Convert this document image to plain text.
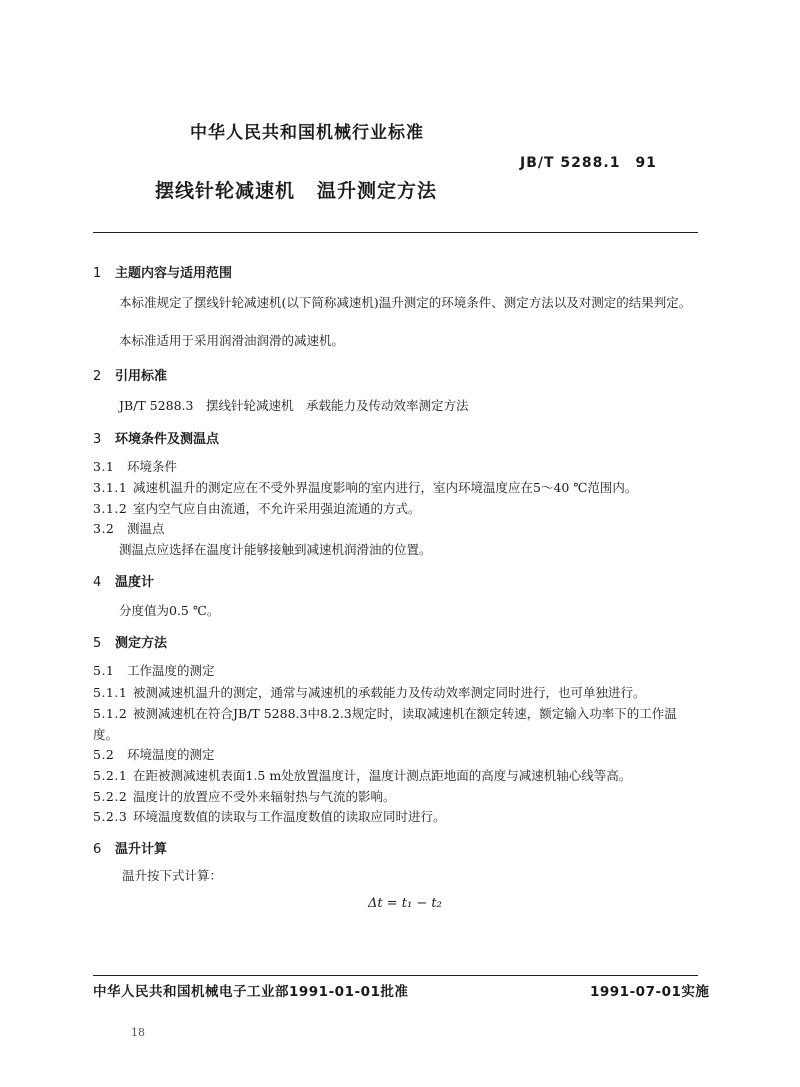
中华人民共和国机械行业标准
JB/T 5288.1　91
摆线针轮减速机 温升测定方法
1 主题内容与适用范围
本标准规定了摆线针轮减速机(以下简称减速机)温升测定的环境条件、测定方法以及对测定的结果判定。
本标准适用于采用润滑油润滑的减速机。
2 引用标准
JB/T 5288.3　摆线针轮减速机　承载能力及传动效率测定方法
3 环境条件及测温点
3.1 环境条件
3.1.1 减速机温升的测定应在不受外界温度影响的室内进行，室内环境温度应在5～40 ℃范围内。
3.1.2 室内空气应自由流通，不允许采用强迫流通的方式。
3.2 测温点
测温点应选择在温度计能够接触到减速机润滑油的位置。
4 温度计
分度值为0.5 ℃。
5 测定方法
5.1 工作温度的测定
5.1.1 被测减速机温升的测定，通常与减速机的承载能力及传动效率测定同时进行，也可单独进行。
5.1.2 被测减速机在符合JB/T 5288.3中8.2.3规定时，读取减速机在额定转速，额定输入功率下的工作温度。
5.2 环境温度的测定
5.2.1 在距被测减速机表面1.5 m处放置温度计，温度计测点距地面的高度与减速机轴心线等高。
5.2.2 温度计的放置应不受外来辐射热与气流的影响。
5.2.3 环境温度数值的读取与工作温度数值的读取应同时进行。
6 温升计算
温升按下式计算：
Δt = t₁ − t₂
中华人民共和国机械电子工业部1991-01-01批准	1991-07-01实施
18
